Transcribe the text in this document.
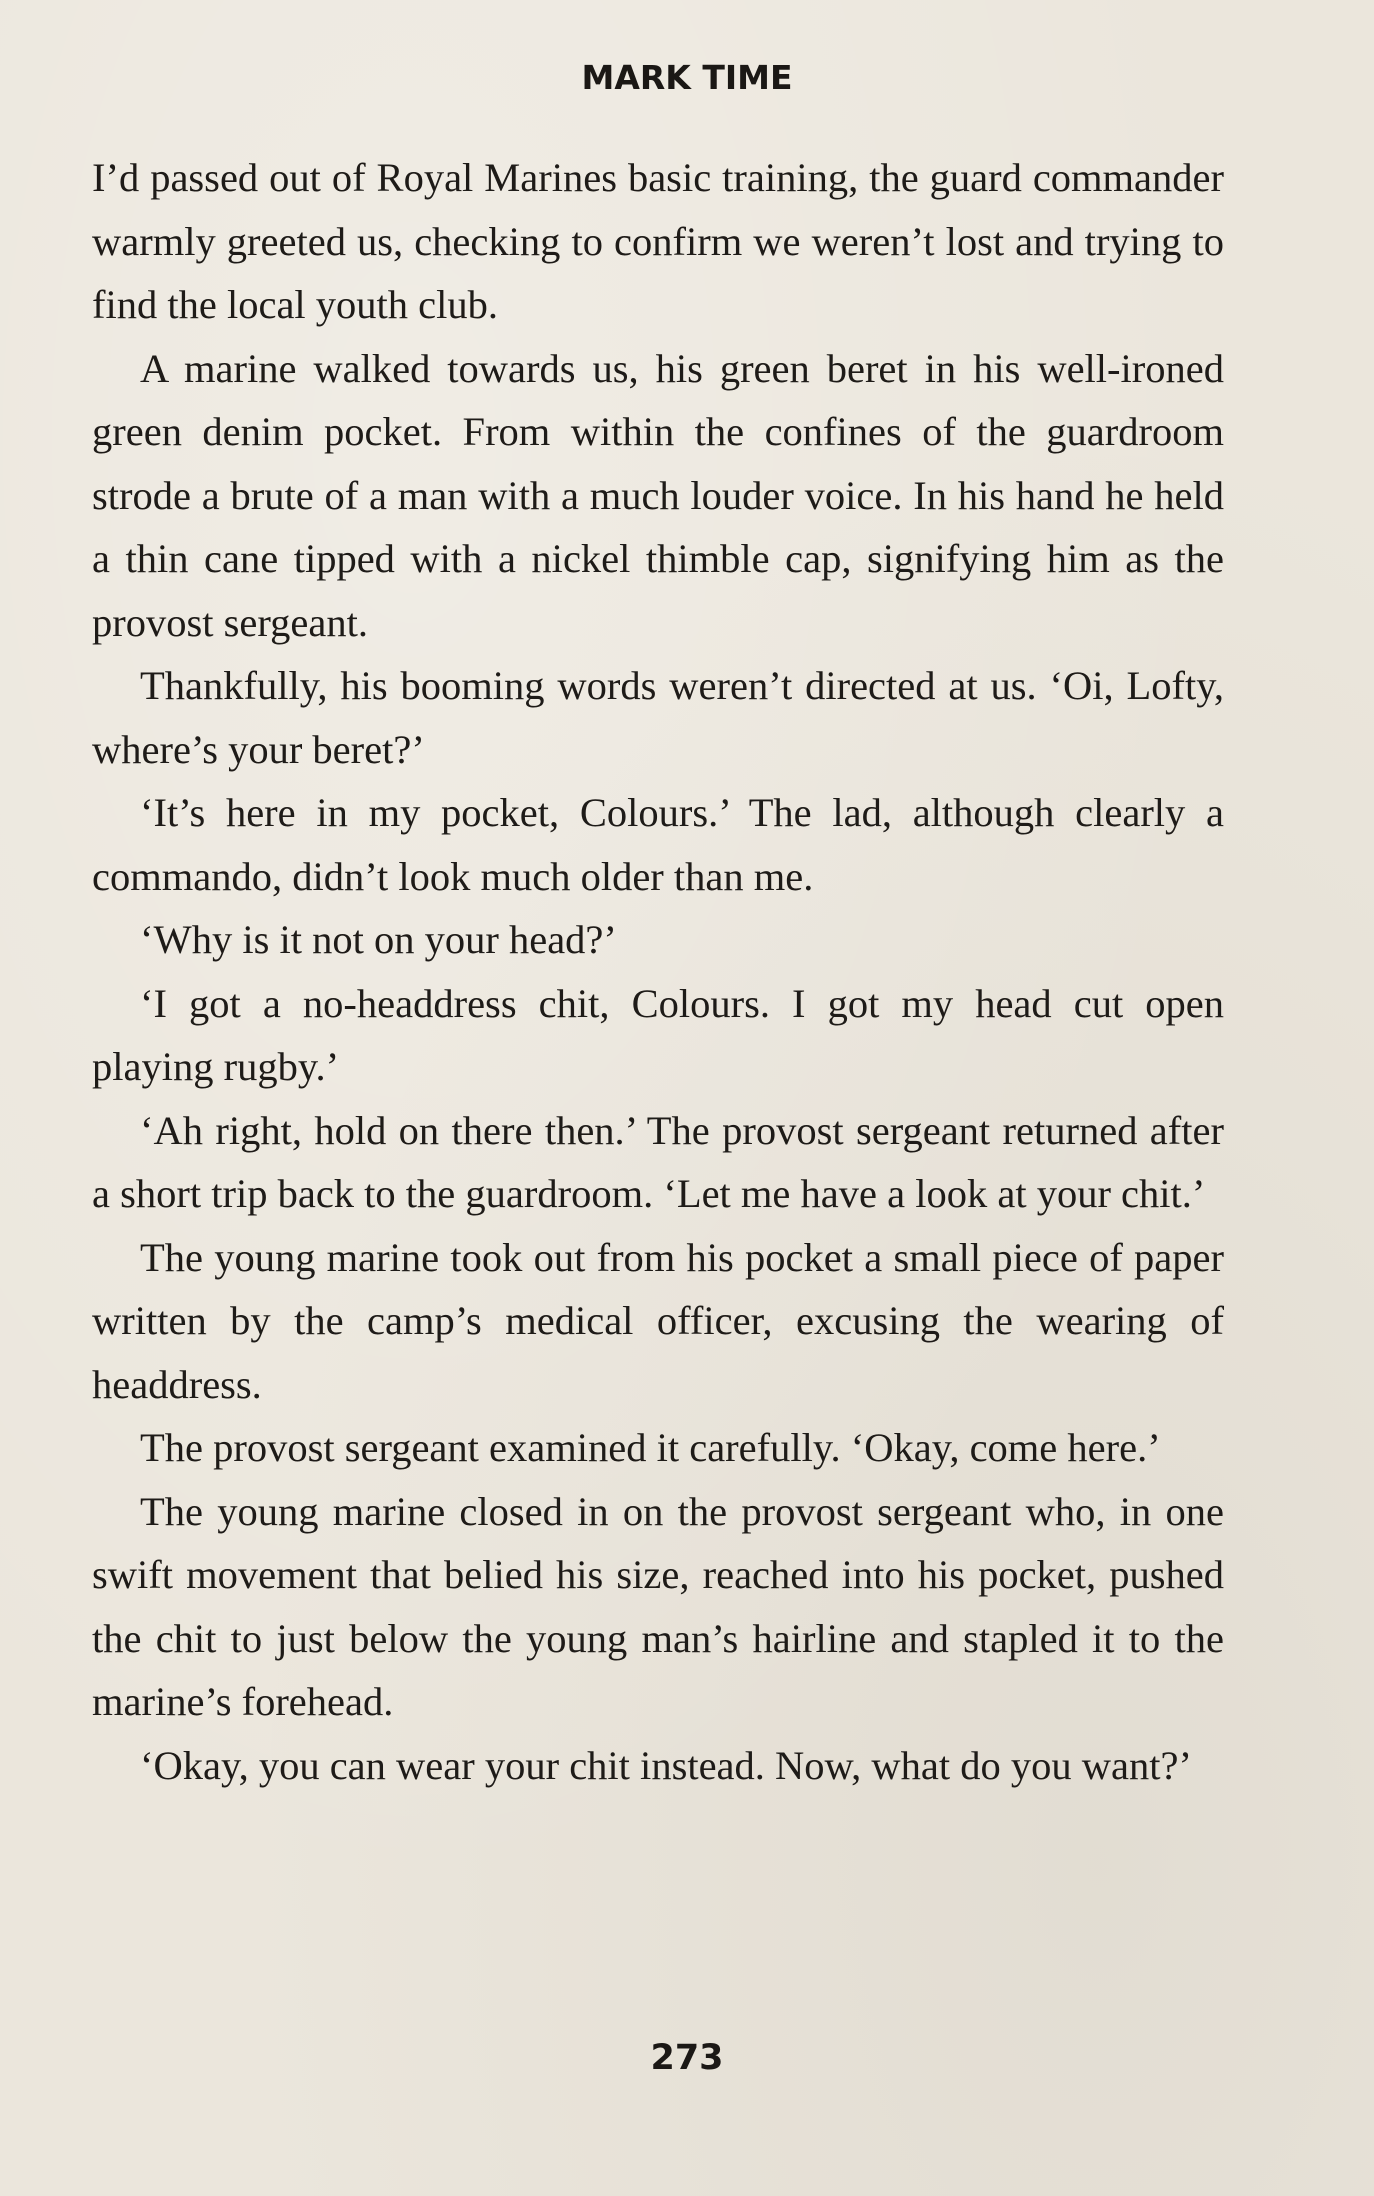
MARK TIME

I’d passed out of Royal Marines basic training, the guard commander warmly greeted us, checking to confirm we weren’t lost and trying to find the local youth club.

A marine walked towards us, his green beret in his well-ironed green denim pocket. From within the confines of the guardroom strode a brute of a man with a much louder voice. In his hand he held a thin cane tipped with a nickel thimble cap, signifying him as the provost sergeant.

Thankfully, his booming words weren’t directed at us. ‘Oi, Lofty, where’s your beret?’

‘It’s here in my pocket, Colours.’ The lad, although clearly a commando, didn’t look much older than me.

‘Why is it not on your head?’

‘I got a no-headdress chit, Colours. I got my head cut open playing rugby.’

‘Ah right, hold on there then.’ The provost sergeant returned after a short trip back to the guardroom. ‘Let me have a look at your chit.’

The young marine took out from his pocket a small piece of paper written by the camp’s medical officer, excusing the wearing of headdress.

The provost sergeant examined it carefully. ‘Okay, come here.’

The young marine closed in on the provost sergeant who, in one swift movement that belied his size, reached into his pocket, pushed the chit to just below the young man’s hairline and stapled it to the marine’s forehead.

‘Okay, you can wear your chit instead. Now, what do you want?’

273
